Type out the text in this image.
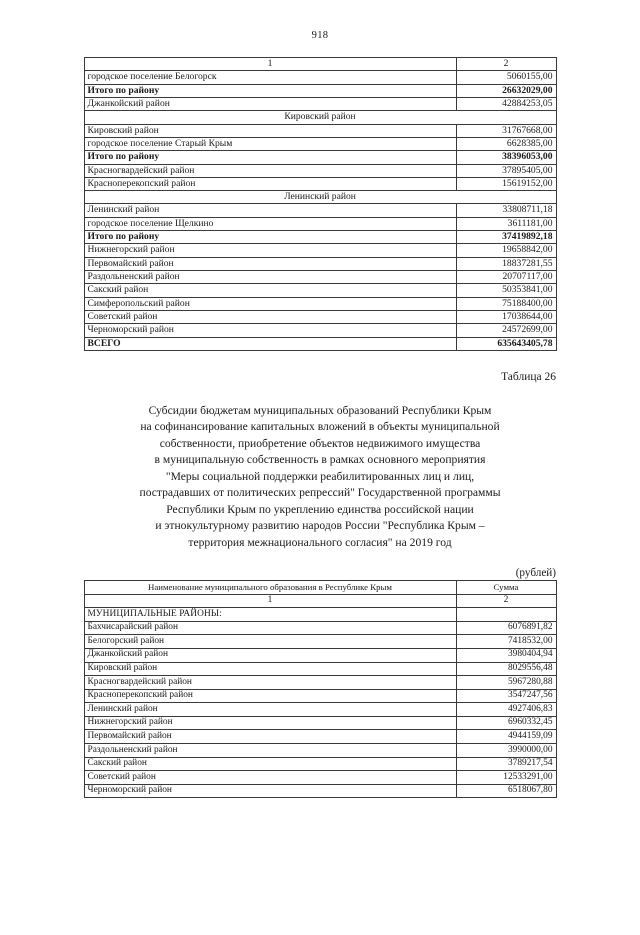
918
1	2
городское поселение Белогорск	5060155,00
Итого по району	26632029,00
Джанкойский район	42884253,05
Кировский район	
Кировский район	31767668,00
городское поселение Старый Крым	6628385,00
Итого по району	38396053,00
Красногвардейский район	37895405,00
Красноперекопский район	15619152,00
Ленинский район	
Ленинский район	33808711,18
городское поселение Щелкино	3611181,00
Итого по району	37419892,18
Нижнегорский район	19658842,00
Первомайский район	18837281,55
Раздольненский район	20707117,00
Сакский район	50353841,00
Симферопольский район	75188400,00
Советский район	17038644,00
Черноморский район	24572699,00
ВСЕГО	635643405,78
Таблица 26
Субсидии бюджетам муниципальных образований Республики Крым
на софинансирование капитальных вложений в объекты муниципальной
собственности, приобретение объектов недвижимого имущества
в муниципальную собственность в рамках основного мероприятия
"Меры социальной поддержки реабилитированных лиц и лиц,
пострадавших от политических репрессий" Государственной программы
Республики Крым по укреплению единства российской нации
и этнокультурному развитию народов России "Республика Крым –
территория межнационального согласия" на 2019 год
(рублей)
Наименование муниципального образования в Республике Крым	Сумма
1	2
МУНИЦИПАЛЬНЫЕ РАЙОНЫ:	
Бахчисарайский район	6076891,82
Белогорский район	7418532,00
Джанкойский район	3980404,94
Кировский район	8029556,48
Красногвардейский район	5967280,88
Красноперекопский район	3547247,56
Ленинский район	4927406,83
Нижнегорский район	6960332,45
Первомайский район	4944159,09
Раздольненский район	3990000,00
Сакский район	3789217,54
Советский район	12533291,00
Черноморский район	6518067,80
